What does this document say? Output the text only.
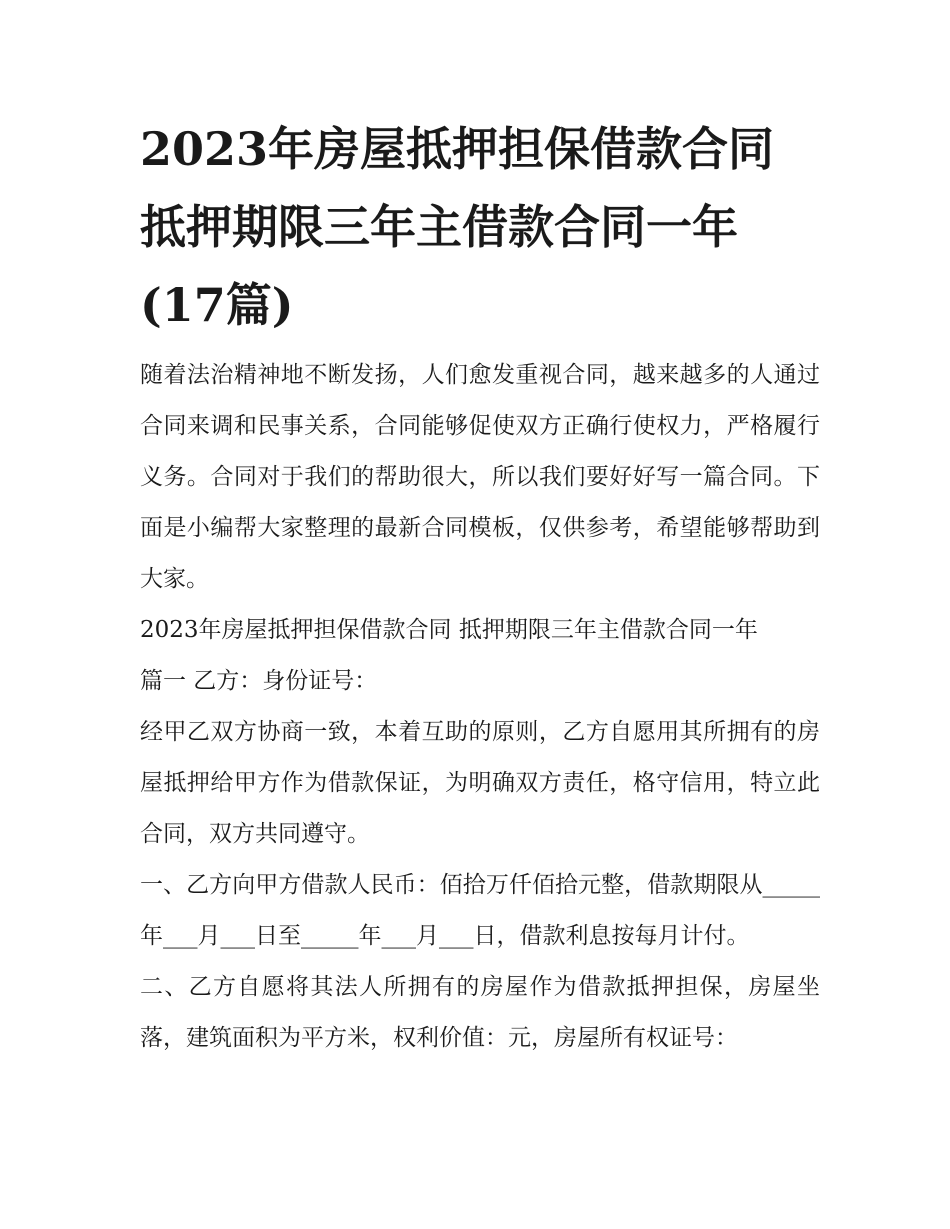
2023年房屋抵押担保借款合同
抵押期限三年主借款合同一年
(17篇)

随着法治精神地不断发扬，人们愈发重视合同，越来越多的人通过合同来调和民事关系，合同能够促使双方正确行使权力，严格履行义务。合同对于我们的帮助很大，所以我们要好好写一篇合同。下面是小编帮大家整理的最新合同模板，仅供参考，希望能够帮助到大家。

2023年房屋抵押担保借款合同 抵押期限三年主借款合同一年

篇一 乙方：身份证号：

经甲乙双方协商一致，本着互助的原则，乙方自愿用其所拥有的房屋抵押给甲方作为借款保证，为明确双方责任，格守信用，特立此合同，双方共同遵守。

一、乙方向甲方借款人民币：佰拾万仟佰拾元整，借款期限从_____年___月___日至_____年___月___日，借款利息按每月计付。

二、乙方自愿将其法人所拥有的房屋作为借款抵押担保，房屋坐落，建筑面积为平方米，权利价值：元，房屋所有权证号：
